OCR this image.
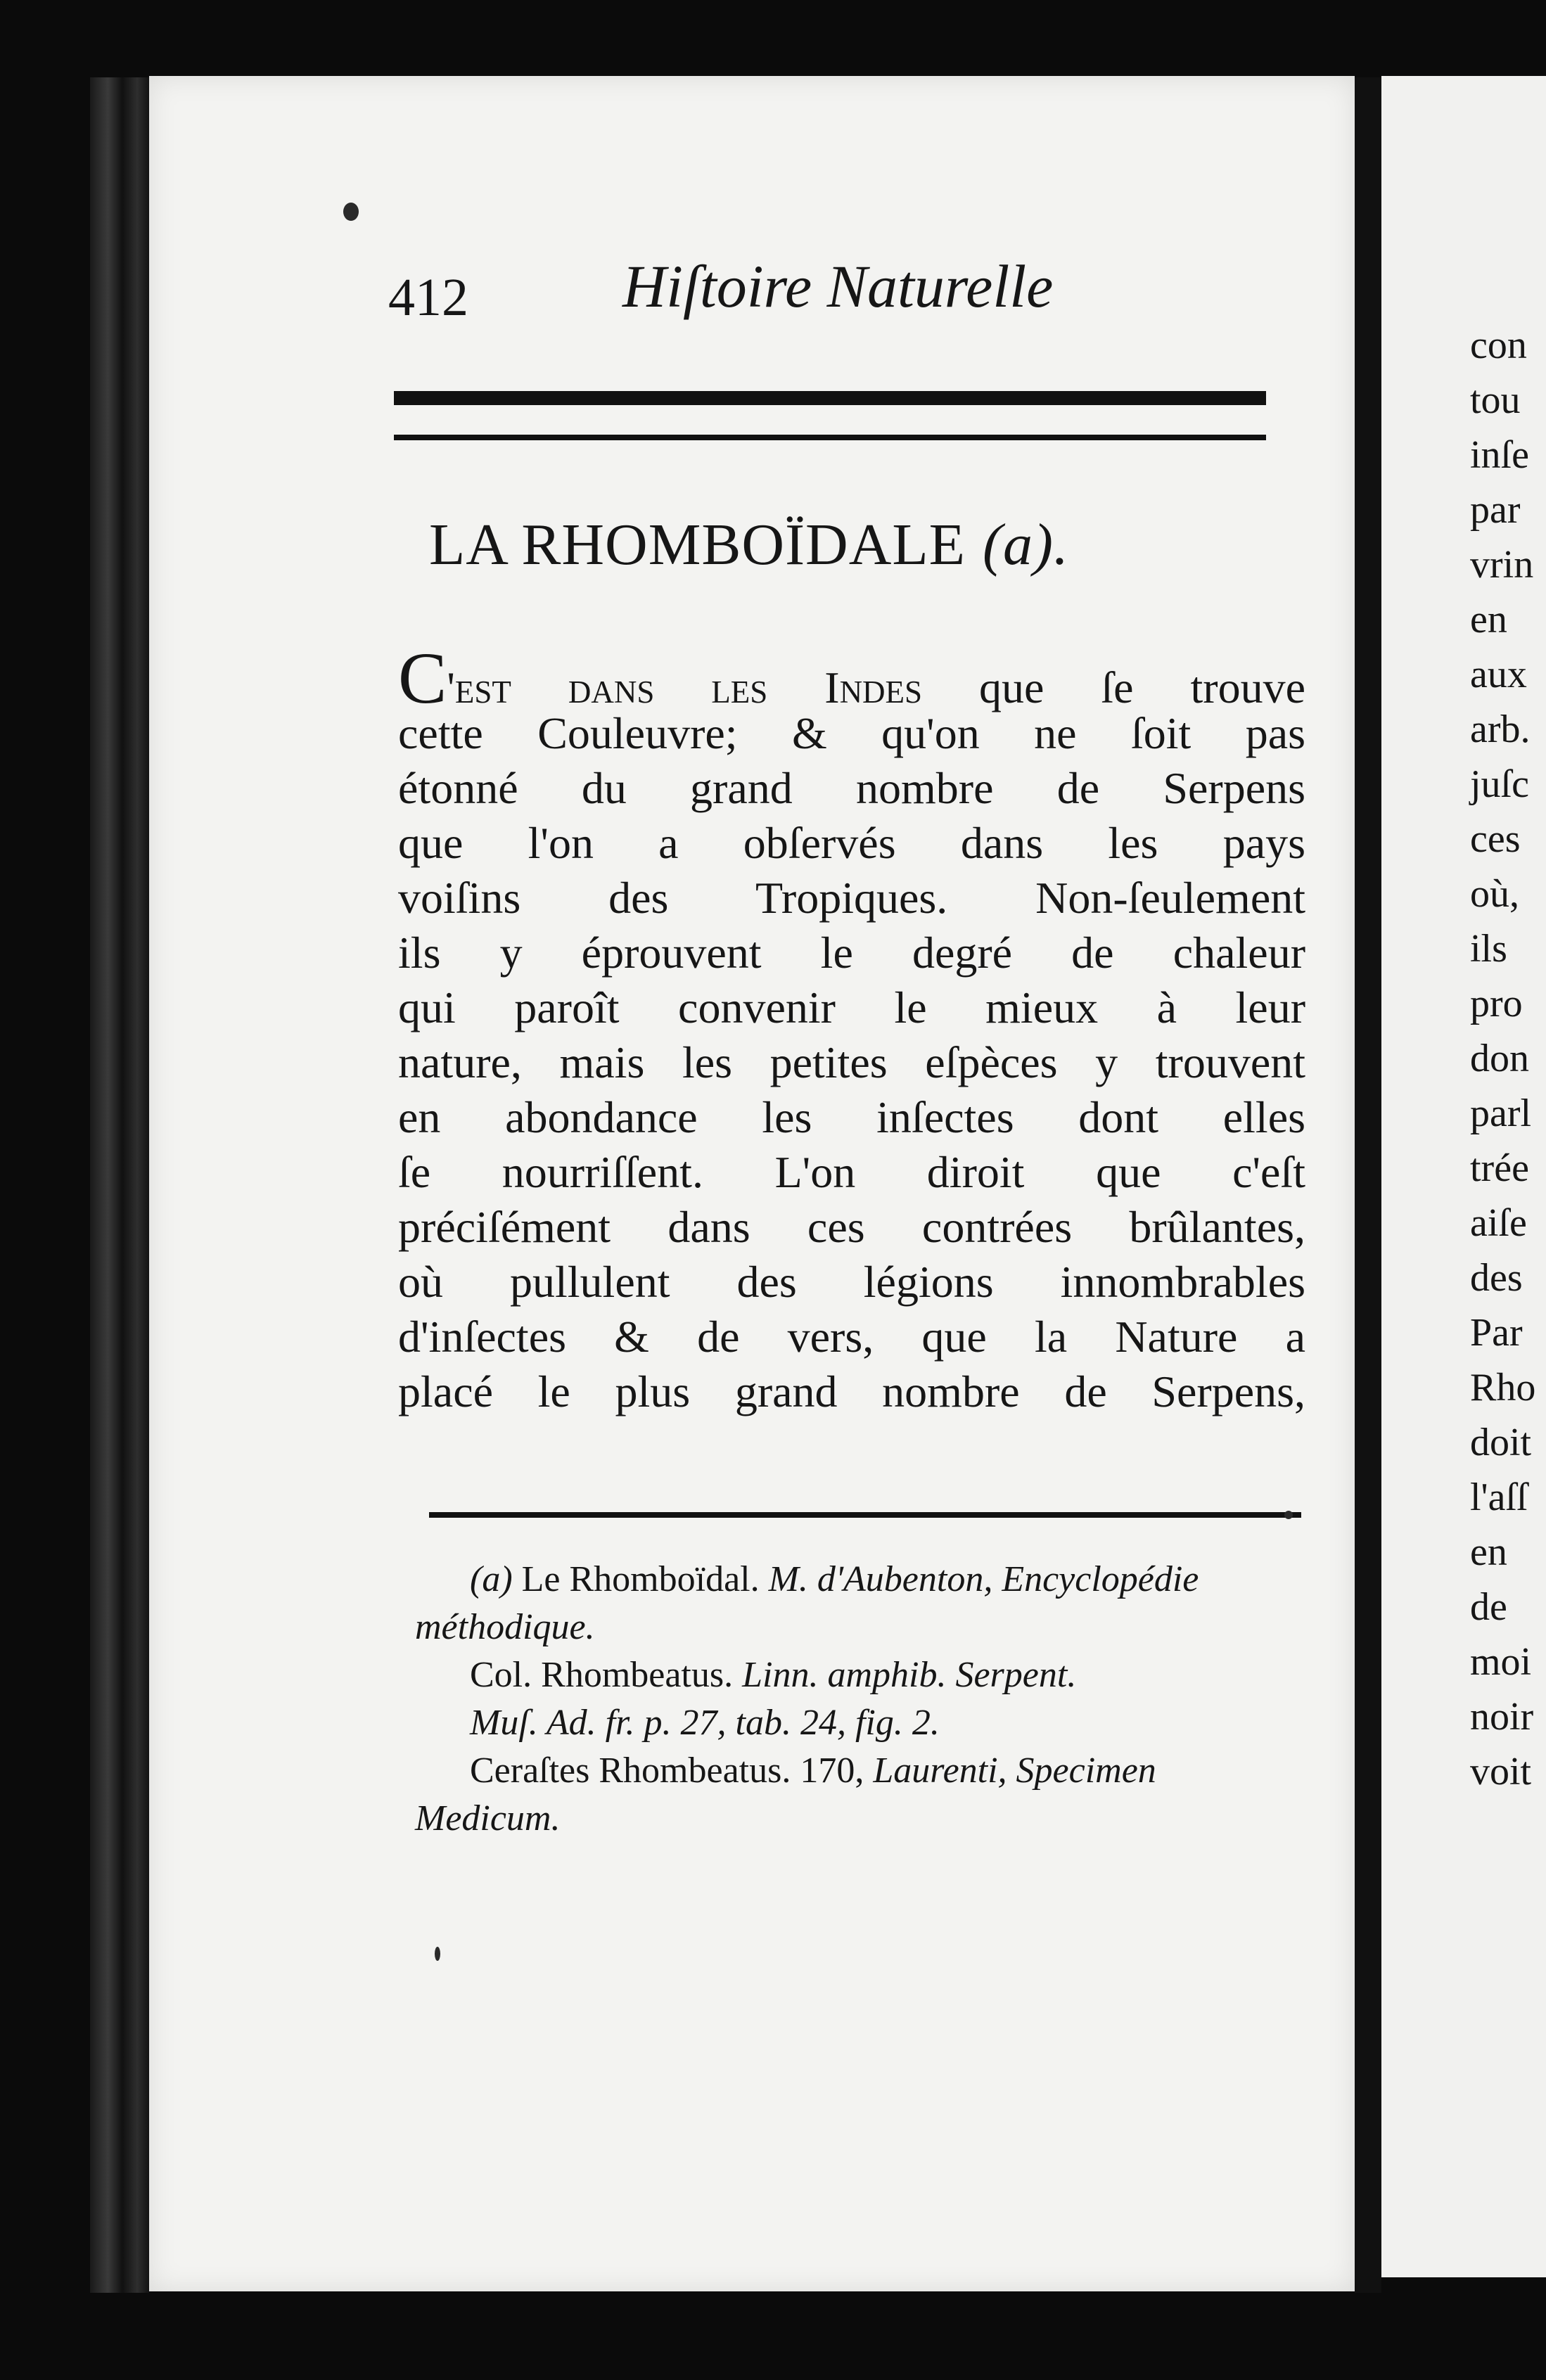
con
tou
inſe
par
vrin
en
aux
arb.
juſc
ces
où,
ils
pro
don
parl
trée
aiſe
des
Par
Rho
doit
l'aſſ
en
de
moi
noir
voit
412	Hiſtoire Naturelle
LA RHOMBOÏDALE (a).
C'est dans les Indes que ſe trouve
cette Couleuvre; & qu'on ne ſoit pas
étonné du grand nombre de Serpens
que l'on a obſervés dans les pays
voiſins des Tropiques. Non-ſeulement
ils y éprouvent le degré de chaleur
qui paroît convenir le mieux à leur
nature, mais les petites eſpèces y trouvent
en abondance les inſectes dont elles
ſe nourriſſent. L'on diroit que c'eſt
préciſément dans ces contrées brûlantes,
où pullulent des légions innombrables
d'inſectes & de vers, que la Nature a
placé le plus grand nombre de Serpens,
(a) Le Rhomboïdal. M. d'Aubenton, Encyclopédie
méthodique.
Col. Rhombeatus. Linn. amphib. Serpent.
Muſ. Ad. fr. p. 27, tab. 24, fig. 2.
Ceraſtes Rhombeatus. 170, Laurenti, Specimen
Medicum.
